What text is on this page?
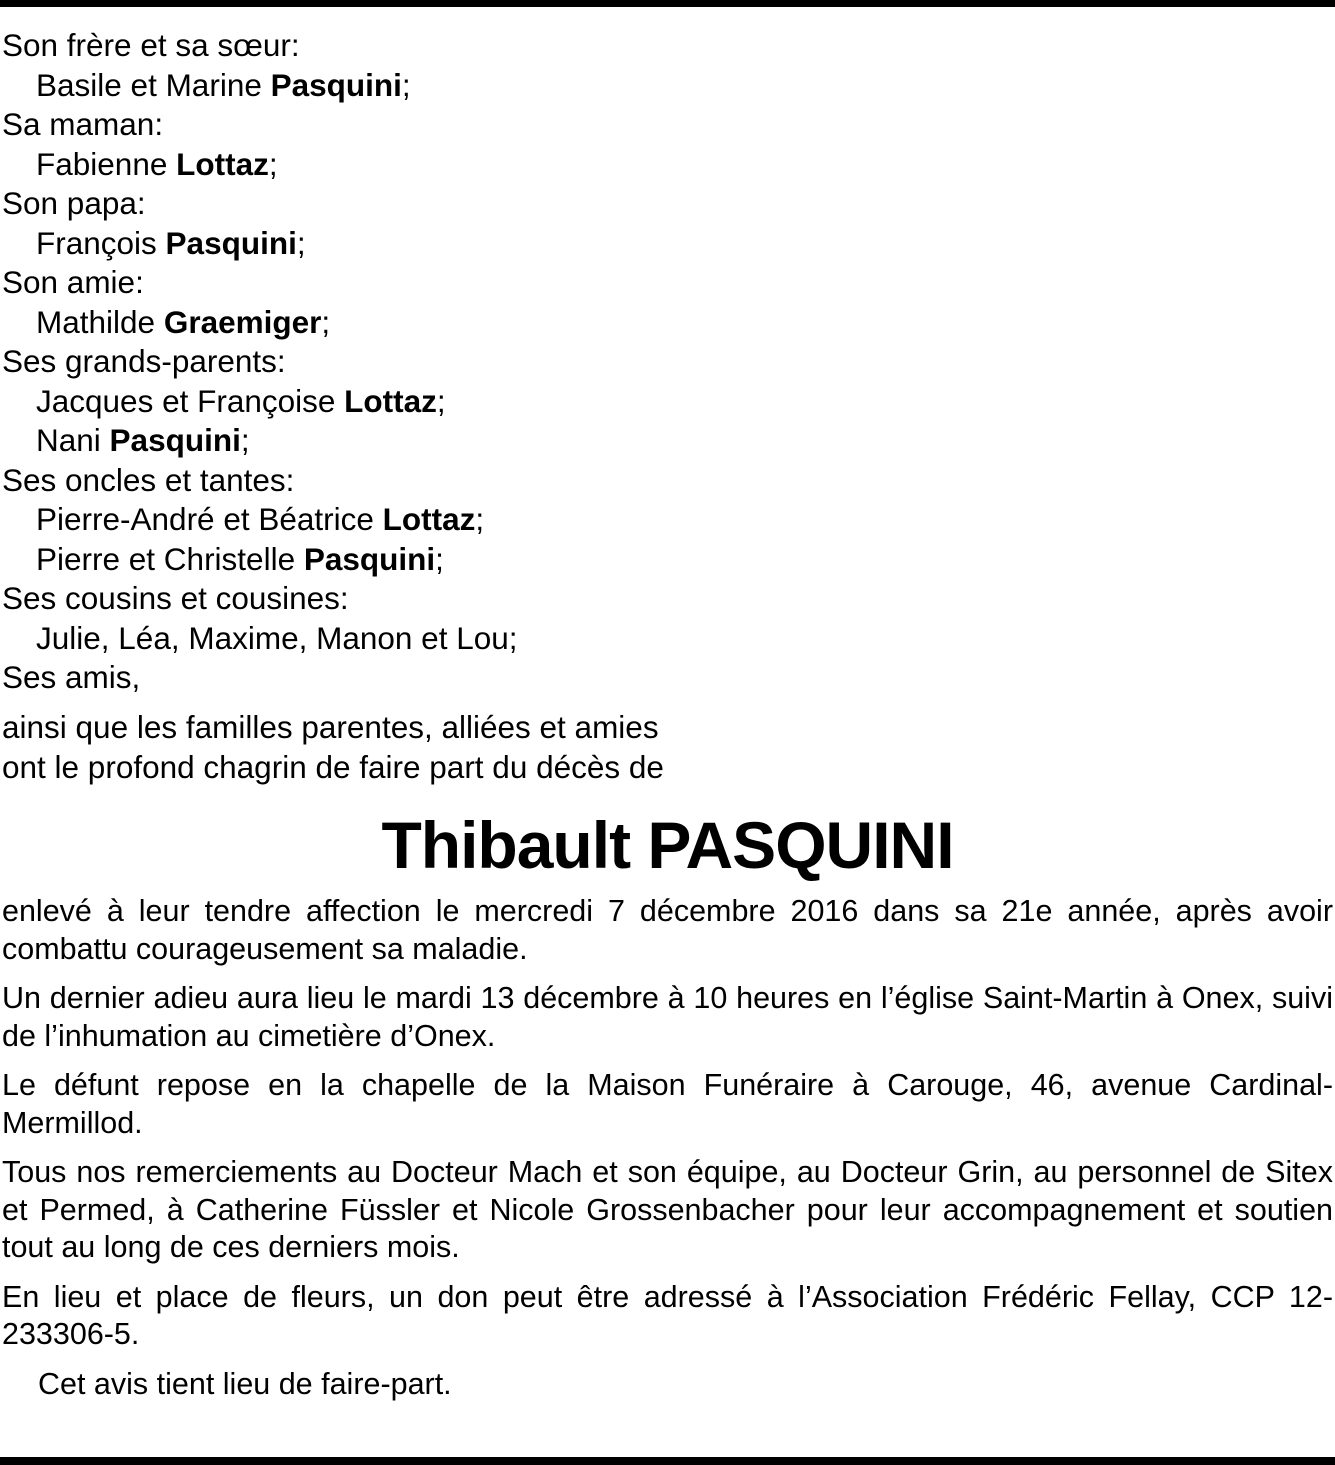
Son frère et sa sœur:
Basile et Marine Pasquini;
Sa maman:
Fabienne Lottaz;
Son papa:
François Pasquini;
Son amie:
Mathilde Graemiger;
Ses grands-parents:
Jacques et Françoise Lottaz;
Nani Pasquini;
Ses oncles et tantes:
Pierre-André et Béatrice Lottaz;
Pierre et Christelle Pasquini;
Ses cousins et cousines:
Julie, Léa, Maxime, Manon et Lou;
Ses amis,
ainsi que les familles parentes, alliées et amies
ont le profond chagrin de faire part du décès de
Thibault PASQUINI

enlevé à leur tendre affection le mercredi 7 décembre 2016 dans sa 21e année, après avoir combattu courageusement sa maladie.

Un dernier adieu aura lieu le mardi 13 décembre à 10 heures en l’église Saint-Martin à Onex, suivi de l’inhumation au cimetière d’Onex.

Le défunt repose en la chapelle de la Maison Funéraire à Carouge, 46, avenue Cardinal-Mermillod.

Tous nos remerciements au Docteur Mach et son équipe, au Docteur Grin, au personnel de Sitex et Permed, à Catherine Füssler et Nicole Grossenbacher pour leur accompagnement et soutien tout au long de ces derniers mois.

En lieu et place de fleurs, un don peut être adressé à l’Association Frédéric Fellay, CCP 12-233306-5.

Cet avis tient lieu de faire-part.
